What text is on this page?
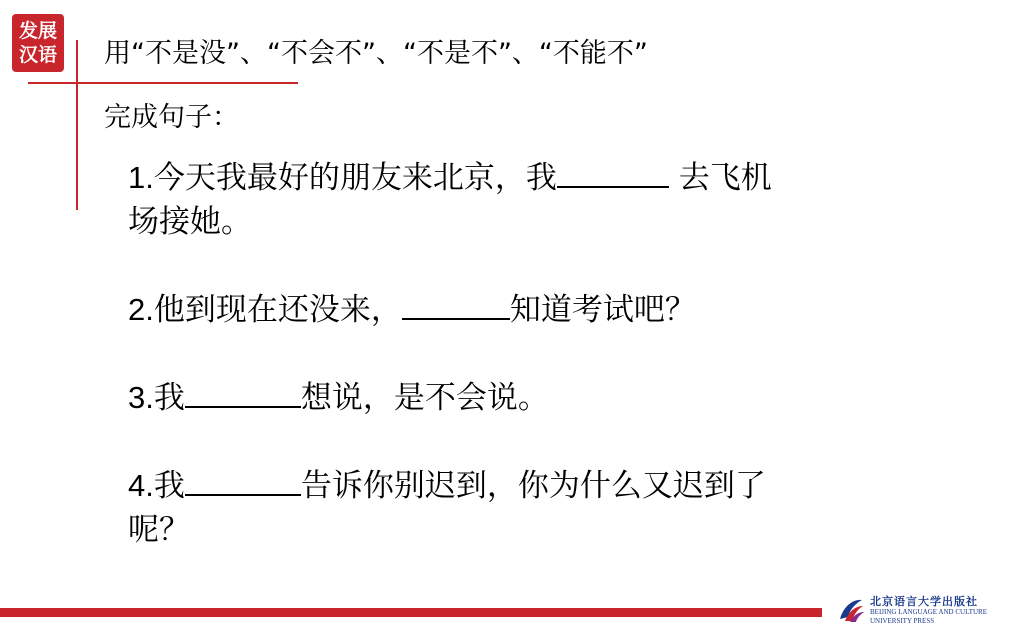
发展
汉语 用“不是没”、“不会不”、“不是不”、“不能不”
完成句子：

1.今天我最好的朋友来北京，我	去飞机
场接她。

2.他到现在还没来，	知道考试吧？

3.我	想说，是不会说。

4.我	告诉你别迟到，你为什么又迟到了
呢？

北京语言大学出版社
BEIJING LANGUAGE AND CULTURE
UNIVERSITY PRESS
